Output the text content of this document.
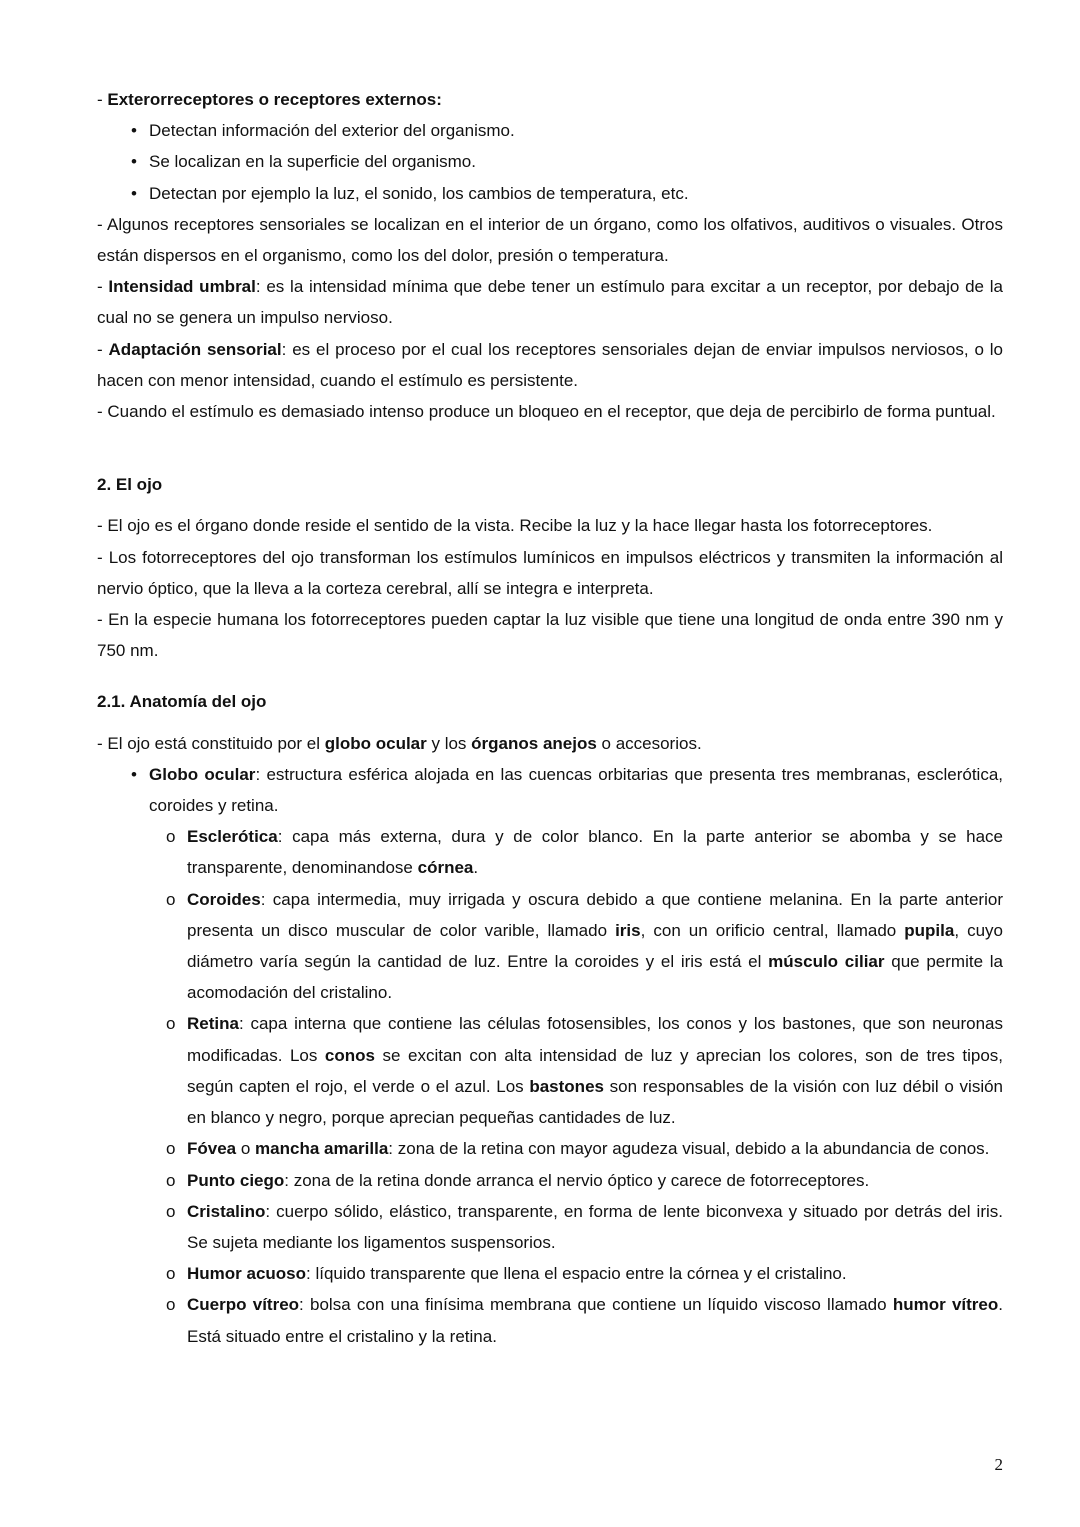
- Exterorreceptores o receptores externos:

• Detectan información del exterior del organismo.
• Se localizan en la superficie del organismo.
• Detectan por ejemplo la luz, el sonido, los cambios de temperatura, etc.

- Algunos receptores sensoriales se localizan en el interior de un órgano, como los olfativos, auditivos o visuales. Otros están dispersos en el organismo, como los del dolor, presión o temperatura.

- Intensidad umbral: es la intensidad mínima que debe tener un estímulo para excitar a un receptor, por debajo de la cual no se genera un impulso nervioso.

- Adaptación sensorial: es el proceso por el cual los receptores sensoriales dejan de enviar impulsos nerviosos, o lo hacen con menor intensidad, cuando el estímulo es persistente.

- Cuando el estímulo es demasiado intenso produce un bloqueo en el receptor, que deja de percibirlo de forma puntual.

2. El ojo

- El ojo es el órgano donde reside el sentido de la vista. Recibe la luz y la hace llegar hasta los fotorreceptores.

- Los fotorreceptores del ojo transforman los estímulos lumínicos en impulsos eléctricos y transmiten la información al nervio óptico, que la lleva a la corteza cerebral, allí se integra e interpreta.

- En la especie humana los fotorreceptores pueden captar la luz visible que tiene una longitud de onda entre 390 nm y 750 nm.

2.1. Anatomía del ojo

- El ojo está constituido por el globo ocular y los órganos anejos o accesorios.

• Globo ocular: estructura esférica alojada en las cuencas orbitarias que presenta tres membranas, esclerótica, coroides y retina.
o Esclerótica: capa más externa, dura y de color blanco. En la parte anterior se abomba y se hace transparente, denominandose córnea.
o Coroides: capa intermedia, muy irrigada y oscura debido a que contiene melanina. En la parte anterior presenta un disco muscular de color varible, llamado iris, con un orificio central, llamado pupila, cuyo diámetro varía según la cantidad de luz. Entre la coroides y el iris está el músculo ciliar que permite la acomodación del cristalino.
o Retina: capa interna que contiene las células fotosensibles, los conos y los bastones, que son neuronas modificadas. Los conos se excitan con alta intensidad de luz y aprecian los colores, son de tres tipos, según capten el rojo, el verde o el azul. Los bastones son responsables de la visión con luz débil o visión en blanco y negro, porque aprecian pequeñas cantidades de luz.
o Fóvea o mancha amarilla: zona de la retina con mayor agudeza visual, debido a la abundancia de conos.
o Punto ciego: zona de la retina donde arranca el nervio óptico y carece de fotorreceptores.
o Cristalino: cuerpo sólido, elástico, transparente, en forma de lente biconvexa y situado por detrás del iris. Se sujeta mediante los ligamentos suspensorios.
o Humor acuoso: líquido transparente que llena el espacio entre la córnea y el cristalino.
o Cuerpo vítreo: bolsa con una finísima membrana que contiene un líquido viscoso llamado humor vítreo. Está situado entre el cristalino y la retina.
2
